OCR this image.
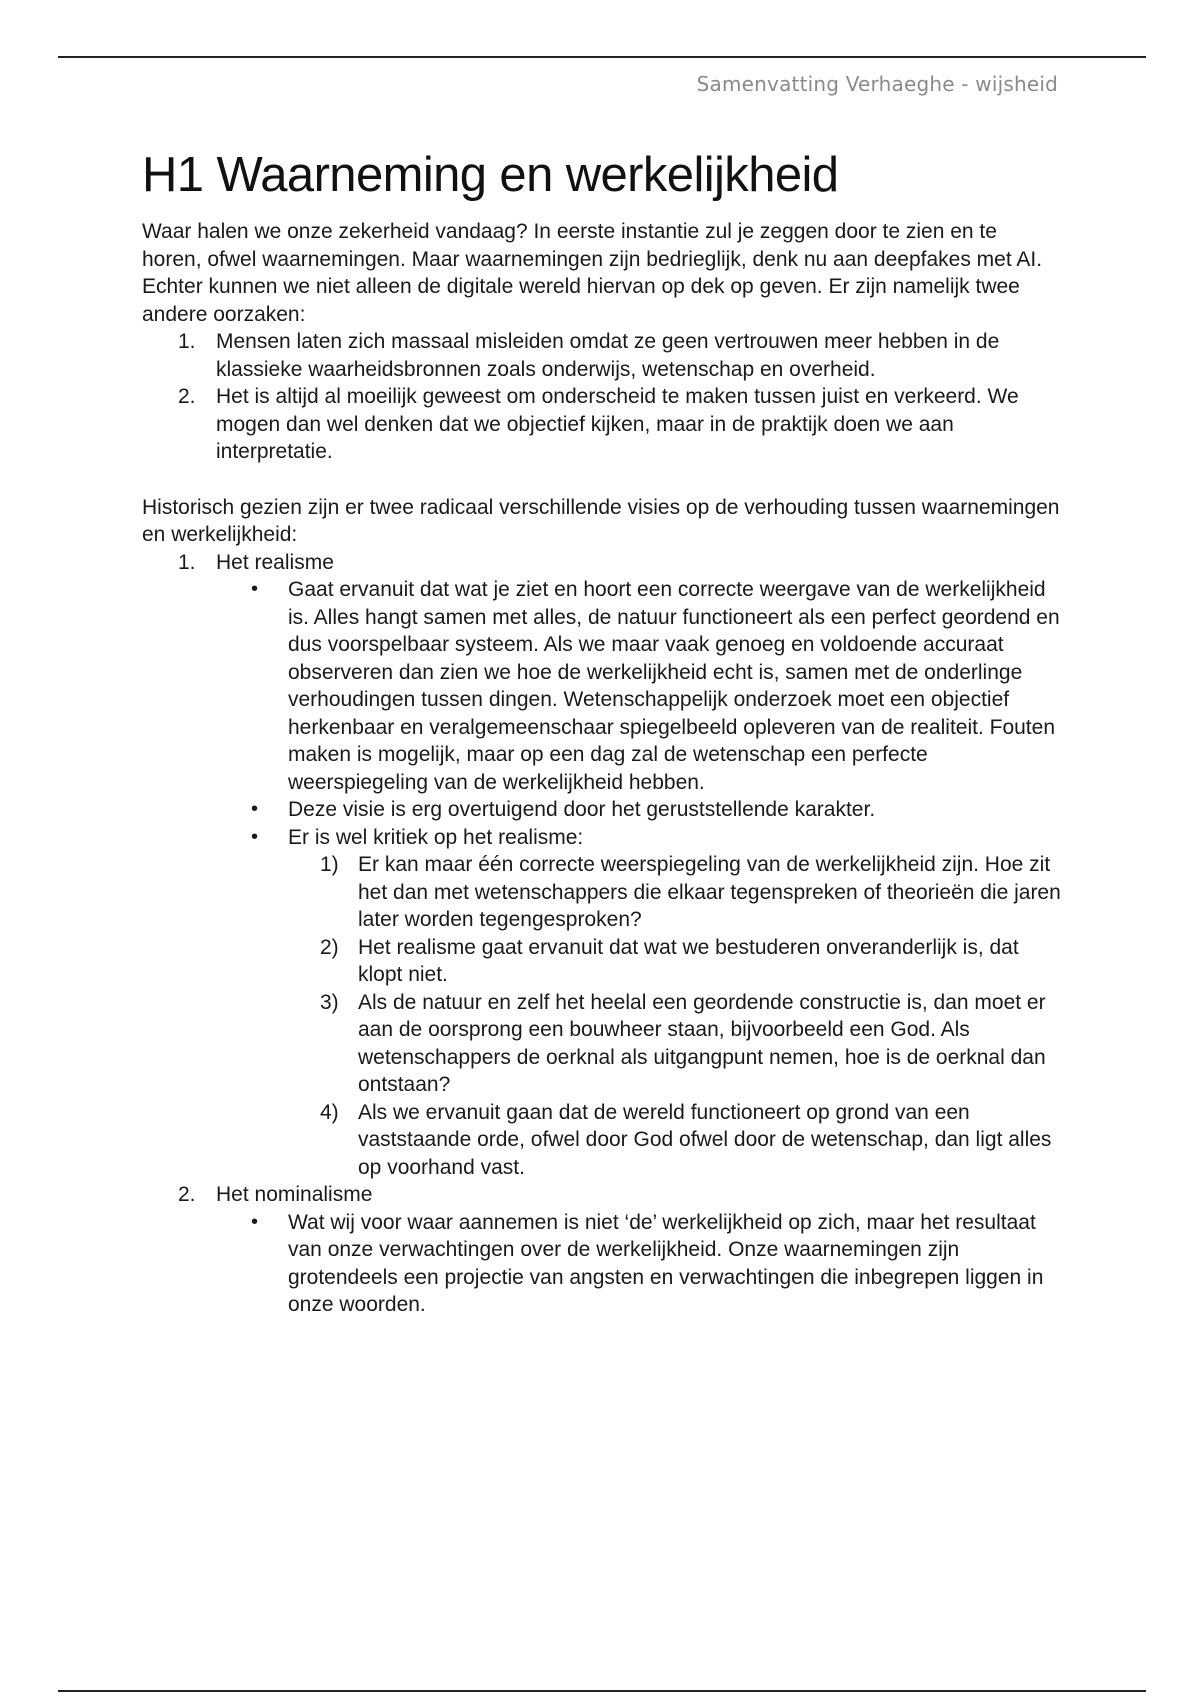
Samenvatting Verhaeghe - wijsheid
H1 Waarneming en werkelijkheid

Waar halen we onze zekerheid vandaag? In eerste instantie zul je zeggen door te zien en te horen, ofwel waarnemingen. Maar waarnemingen zijn bedrieglijk, denk nu aan deepfakes met AI. Echter kunnen we niet alleen de digitale wereld hiervan op dek op geven. Er zijn namelijk twee andere oorzaken:

1. Mensen laten zich massaal misleiden omdat ze geen vertrouwen meer hebben in de klassieke waarheidsbronnen zoals onderwijs, wetenschap en overheid.
2. Het is altijd al moeilijk geweest om onderscheid te maken tussen juist en verkeerd. We mogen dan wel denken dat we objectief kijken, maar in de praktijk doen we aan interpretatie.

Historisch gezien zijn er twee radicaal verschillende visies op de verhouding tussen waarnemingen en werkelijkheid:

1. Het realisme
• Gaat ervanuit dat wat je ziet en hoort een correcte weergave van de werkelijkheid is. Alles hangt samen met alles, de natuur functioneert als een perfect geordend en dus voorspelbaar systeem. Als we maar vaak genoeg en voldoende accuraat observeren dan zien we hoe de werkelijkheid echt is, samen met de onderlinge verhoudingen tussen dingen. Wetenschappelijk onderzoek moet een objectief herkenbaar en veralgemeenschaar spiegelbeeld opleveren van de realiteit. Fouten maken is mogelijk, maar op een dag zal de wetenschap een perfecte weerspiegeling van de werkelijkheid hebben.
• Deze visie is erg overtuigend door het geruststellende karakter.
• Er is wel kritiek op het realisme:
1) Er kan maar één correcte weerspiegeling van de werkelijkheid zijn. Hoe zit het dan met wetenschappers die elkaar tegenspreken of theorieën die jaren later worden tegengesproken?
2) Het realisme gaat ervanuit dat wat we bestuderen onveranderlijk is, dat klopt niet.
3) Als de natuur en zelf het heelal een geordende constructie is, dan moet er aan de oorsprong een bouwheer staan, bijvoorbeeld een God. Als wetenschappers de oerknal als uitgangpunt nemen, hoe is de oerknal dan ontstaan?
4) Als we ervanuit gaan dat de wereld functioneert op grond van een vaststaande orde, ofwel door God ofwel door de wetenschap, dan ligt alles op voorhand vast.
2. Het nominalisme
• Wat wij voor waar aannemen is niet ‘de’ werkelijkheid op zich, maar het resultaat van onze verwachtingen over de werkelijkheid. Onze waarnemingen zijn grotendeels een projectie van angsten en verwachtingen die inbegrepen liggen in onze woorden.
